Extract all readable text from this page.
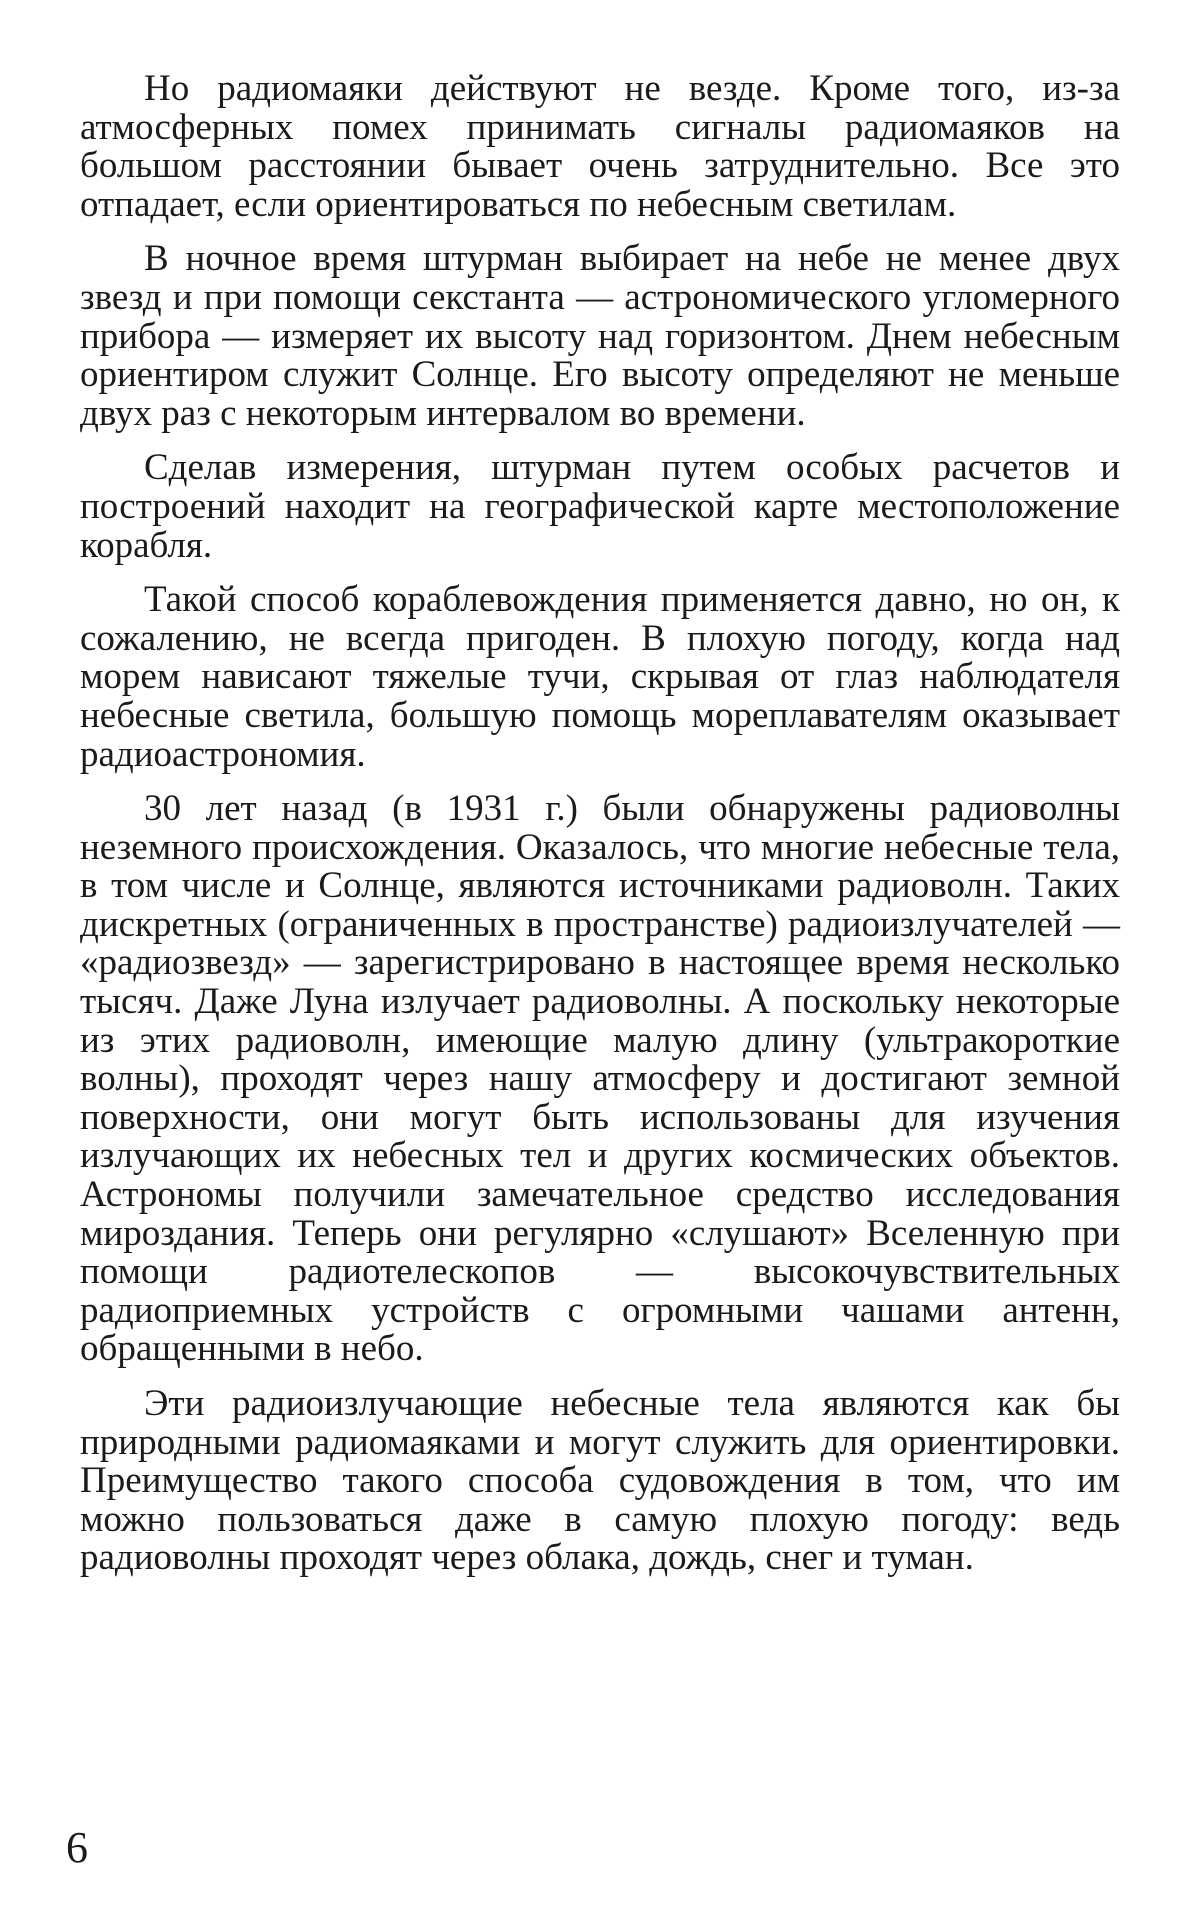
Но радиомаяки действуют не везде. Кроме того, из-за атмосферных помех принимать сигналы радиомаяков на большом расстоянии бывает очень затруднительно. Все это отпадает, если ориентироваться по небесным светилам.

В ночное время штурман выбирает на небе не менее двух звезд и при помощи секстанта — астрономического угломерного прибора — измеряет их высоту над горизонтом. Днем небесным ориентиром служит Солнце. Его высоту определяют не меньше двух раз с некоторым интервалом во времени.

Сделав измерения, штурман путем особых расчетов и построений находит на географической карте местоположение корабля.

Такой способ кораблевождения применяется давно, но он, к сожалению, не всегда пригоден. В плохую погоду, когда над морем нависают тяжелые тучи, скрывая от глаз наблюдателя небесные светила, большую помощь мореплавателям оказывает радиоастрономия.

30 лет назад (в 1931 г.) были обнаружены радиоволны неземного происхождения. Оказалось, что многие небесные тела, в том числе и Солнце, являются источниками радиоволн. Таких дискретных (ограниченных в пространстве) радиоизлучателей — «радиозвезд» — зарегистрировано в настоящее время несколько тысяч. Даже Луна излучает радиоволны. А поскольку некоторые из этих радиоволн, имеющие малую длину (ультракороткие волны), проходят через нашу атмосферу и достигают земной поверхности, они могут быть использованы для изучения излучающих их небесных тел и других космических объектов. Астрономы получили замечательное средство исследования мироздания. Теперь они регулярно «слушают» Вселенную при помощи радиотелескопов — высокочувствительных радиоприемных устройств с огромными чашами антенн, обращенными в небо.

Эти радиоизлучающие небесные тела являются как бы природными радиомаяками и могут служить для ориентировки. Преимущество такого способа судовождения в том, что им можно пользоваться даже в самую плохую погоду: ведь радиоволны проходят через облака, дождь, снег и туман.

6
